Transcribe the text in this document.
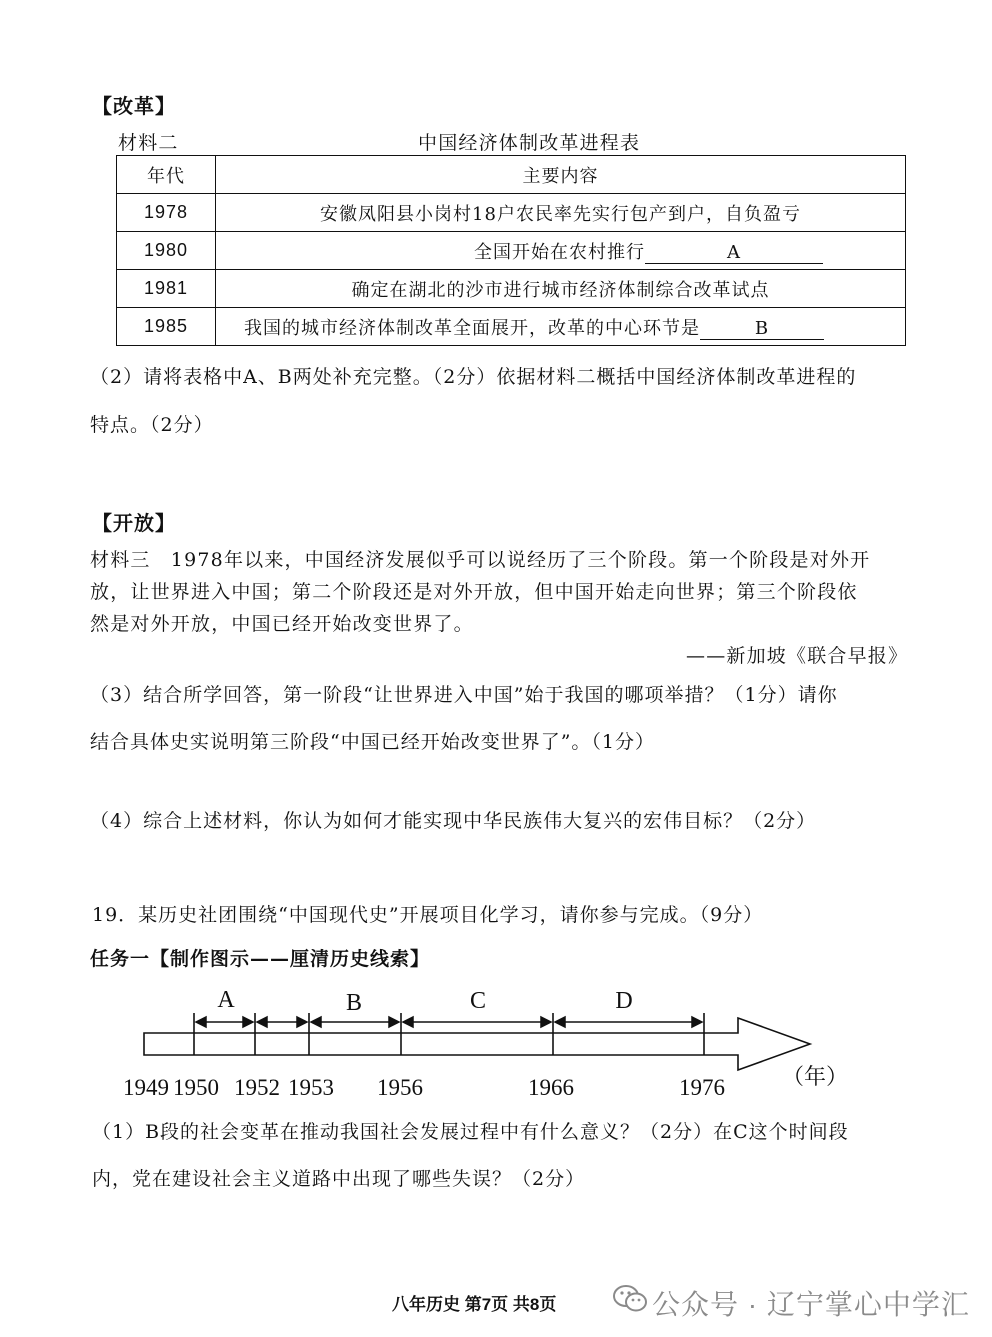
【改革】
材料二	中国经济体制改革进程表
年代	主要内容
1978	安徽凤阳县小岗村18户农民率先实行包产到户，自负盈亏
1980	全国开始在农村推行 A
1981	确定在湖北的沙市进行城市经济体制综合改革试点
1985	我国的城市经济体制改革全面展开，改革的中心环节是 B
（2）请将表格中A、B两处补充完整。（2分）依据材料二概括中国经济体制改革进程的
特点。（2分）
【开放】
材料三　1978年以来，中国经济发展似乎可以说经历了三个阶段。第一个阶段是对外开
放，让世界进入中国；第二个阶段还是对外开放，但中国开始走向世界；第三个阶段依
然是对外开放，中国已经开始改变世界了。
——新加坡《联合早报》
（3）结合所学回答，第一阶段“让世界进入中国”始于我国的哪项举措？（1分）请你
结合具体史实说明第三阶段“中国已经开始改变世界了”。（1分）
（4）综合上述材料，你认为如何才能实现中华民族伟大复兴的宏伟目标？（2分）
19．某历史社团围绕“中国现代史”开展项目化学习，请你参与完成。（9分）
任务一【制作图示——厘清历史线索】
A	B	C	D
1949 1950 1952 1953 1956	1966	1976	（年）
（1）B段的社会变革在推动我国社会发展过程中有什么意义？（2分）在C这个时间段
内，党在建设社会主义道路中出现了哪些失误？（2分）
八年历史 第7页 共8页	公众号 · 辽宁掌心中学汇
